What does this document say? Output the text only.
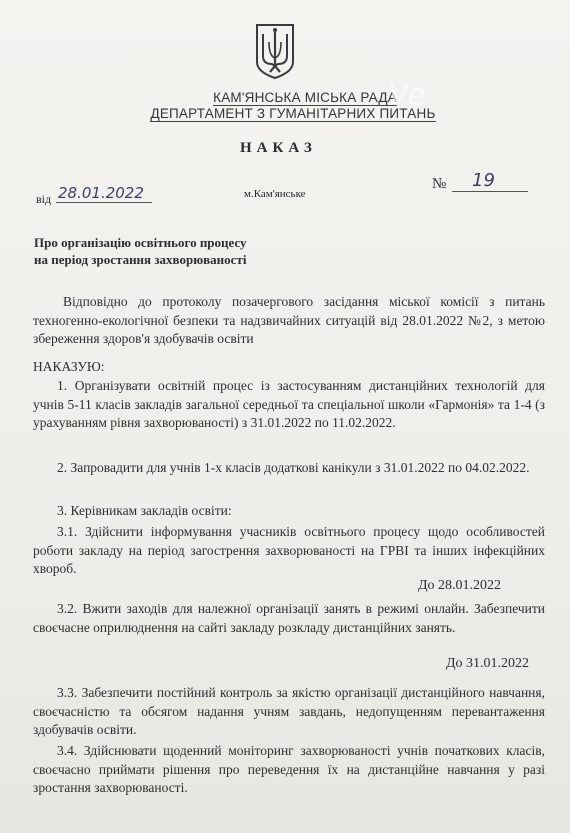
КАМ'ЯНСЬКА МІСЬКА РАДА
ДЕПАРТАМЕНТ З ГУМАНІТАРНИХ ПИТАНЬ
Ve
НАКАЗ
від 28.01.2022	м.Кам'янське
№	19
Про організацію освітнього процесу
на період зростання захворюваності
Відповідно до протоколу позачергового засідання міської комісії з питань техногенно-екологічної безпеки та надзвичайних ситуацій від 28.01.2022 №2, з метою збереження здоров'я здобувачів освіти
НАКАЗУЮ:
1. Організувати освітній процес із застосуванням дистанційних технологій для учнів 5-11 класів закладів загальної середньої та спеціальної школи «Гармонія» та 1-4 (з урахуванням рівня захворюваності) з 31.01.2022 по 11.02.2022.
2. Запровадити для учнів 1-х класів додаткові канікули з 31.01.2022 по 04.02.2022.
3. Керівникам закладів освіти:
3.1. Здійснити інформування учасників освітнього процесу щодо особливостей роботи закладу на період загострення захворюваності на ГРВІ та інших інфекційних хвороб.
До 28.01.2022
3.2. Вжити заходів для належної організації занять в режимі онлайн. Забезпечити своєчасне оприлюднення на сайті закладу розкладу дистанційних занять.
До 31.01.2022
3.3. Забезпечити постійний контроль за якістю організації дистанційного навчання, своєчасністю та обсягом надання учням завдань, недопущенням перевантаження здобувачів освіти.
3.4. Здійснювати щоденний моніторинг захворюваності учнів початкових класів, своєчасно приймати рішення про переведення їх на дистанційне навчання у разі зростання захворюваності.
